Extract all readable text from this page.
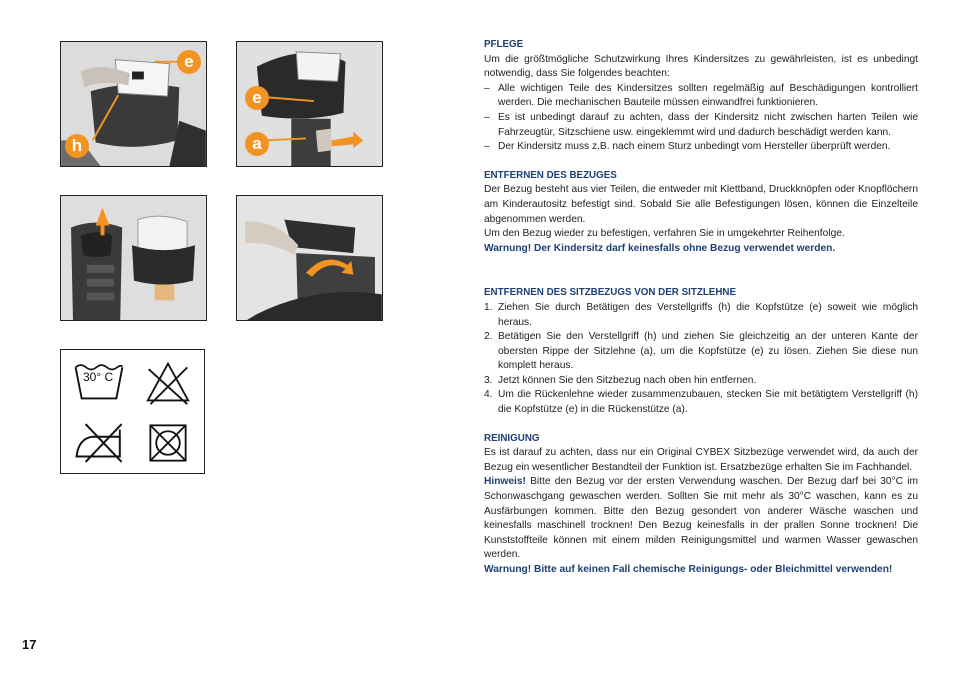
e
h
e
a
30° C

PFLEGE

Um die größtmögliche Schutzwirkung Ihres Kindersitzes zu gewährleisten, ist es unbedingt notwendig, dass Sie folgendes beachten:

– Alle wichtigen Teile des Kindersitzes sollten regelmäßig auf Beschädigungen kontrolliert werden. Die mechanischen Bauteile müssen einwandfrei funktionieren.
– Es ist unbedingt darauf zu achten, dass der Kindersitz nicht zwischen harten Teilen wie Fahrzeugtür, Sitzschiene usw. eingeklemmt wird und dadurch beschädigt werden kann.
– Der Kindersitz muss z.B. nach einem Sturz unbedingt vom Hersteller überprüft werden.

ENTFERNEN DES BEZUGES

Der Bezug besteht aus vier Teilen, die entweder mit Klettband, Druckknöpfen oder Knopflöchern am Kinderautositz befestigt sind. Sobald Sie alle Befestigungen lösen, können die Einzelteile abgenommen werden.

Um den Bezug wieder zu befestigen, verfahren Sie in umgekehrter Reihenfolge.

Warnung! Der Kindersitz darf keinesfalls ohne Bezug verwendet werden.

ENTFERNEN DES SITZBEZUGS VON DER SITZLEHNE

1. Ziehen Sie durch Betätigen des Verstellgriffs (h) die Kopfstütze (e) soweit wie möglich heraus.
2. Betätigen Sie den Verstellgriff (h) und ziehen Sie gleichzeitig an der unteren Kante der obersten Rippe der Sitzlehne (a), um die Kopfstütze (e) zu lösen. Ziehen Sie diese nun komplett heraus.
3. Jetzt können Sie den Sitzbezug nach oben hin entfernen.
4. Um die Rückenlehne wieder zusammenzubauen, stecken Sie mit betätigtem Verstellgriff (h) die Kopfstütze (e) in die Rückenstütze (a).

REINIGUNG

Es ist darauf zu achten, dass nur ein Original CYBEX Sitzbezüge verwendet wird, da auch der Bezug ein wesentlicher Bestandteil der Funktion ist. Ersatzbezüge erhalten Sie im Fachhandel.

Hinweis! Bitte den Bezug vor der ersten Verwendung waschen. Der Bezug darf bei 30°C im Schonwaschgang gewaschen werden. Sollten Sie mit mehr als 30°C waschen, kann es zu Ausfärbungen kommen. Bitte den Bezug gesondert von anderer Wäsche waschen und keinesfalls maschinell trocknen! Den Bezug keinesfalls in der prallen Sonne trocknen! Die Kunststoffteile können mit einem milden Reinigungsmittel und warmen Wasser gewaschen werden.

Warnung! Bitte auf keinen Fall chemische Reinigungs- oder Bleichmittel verwenden!

17
